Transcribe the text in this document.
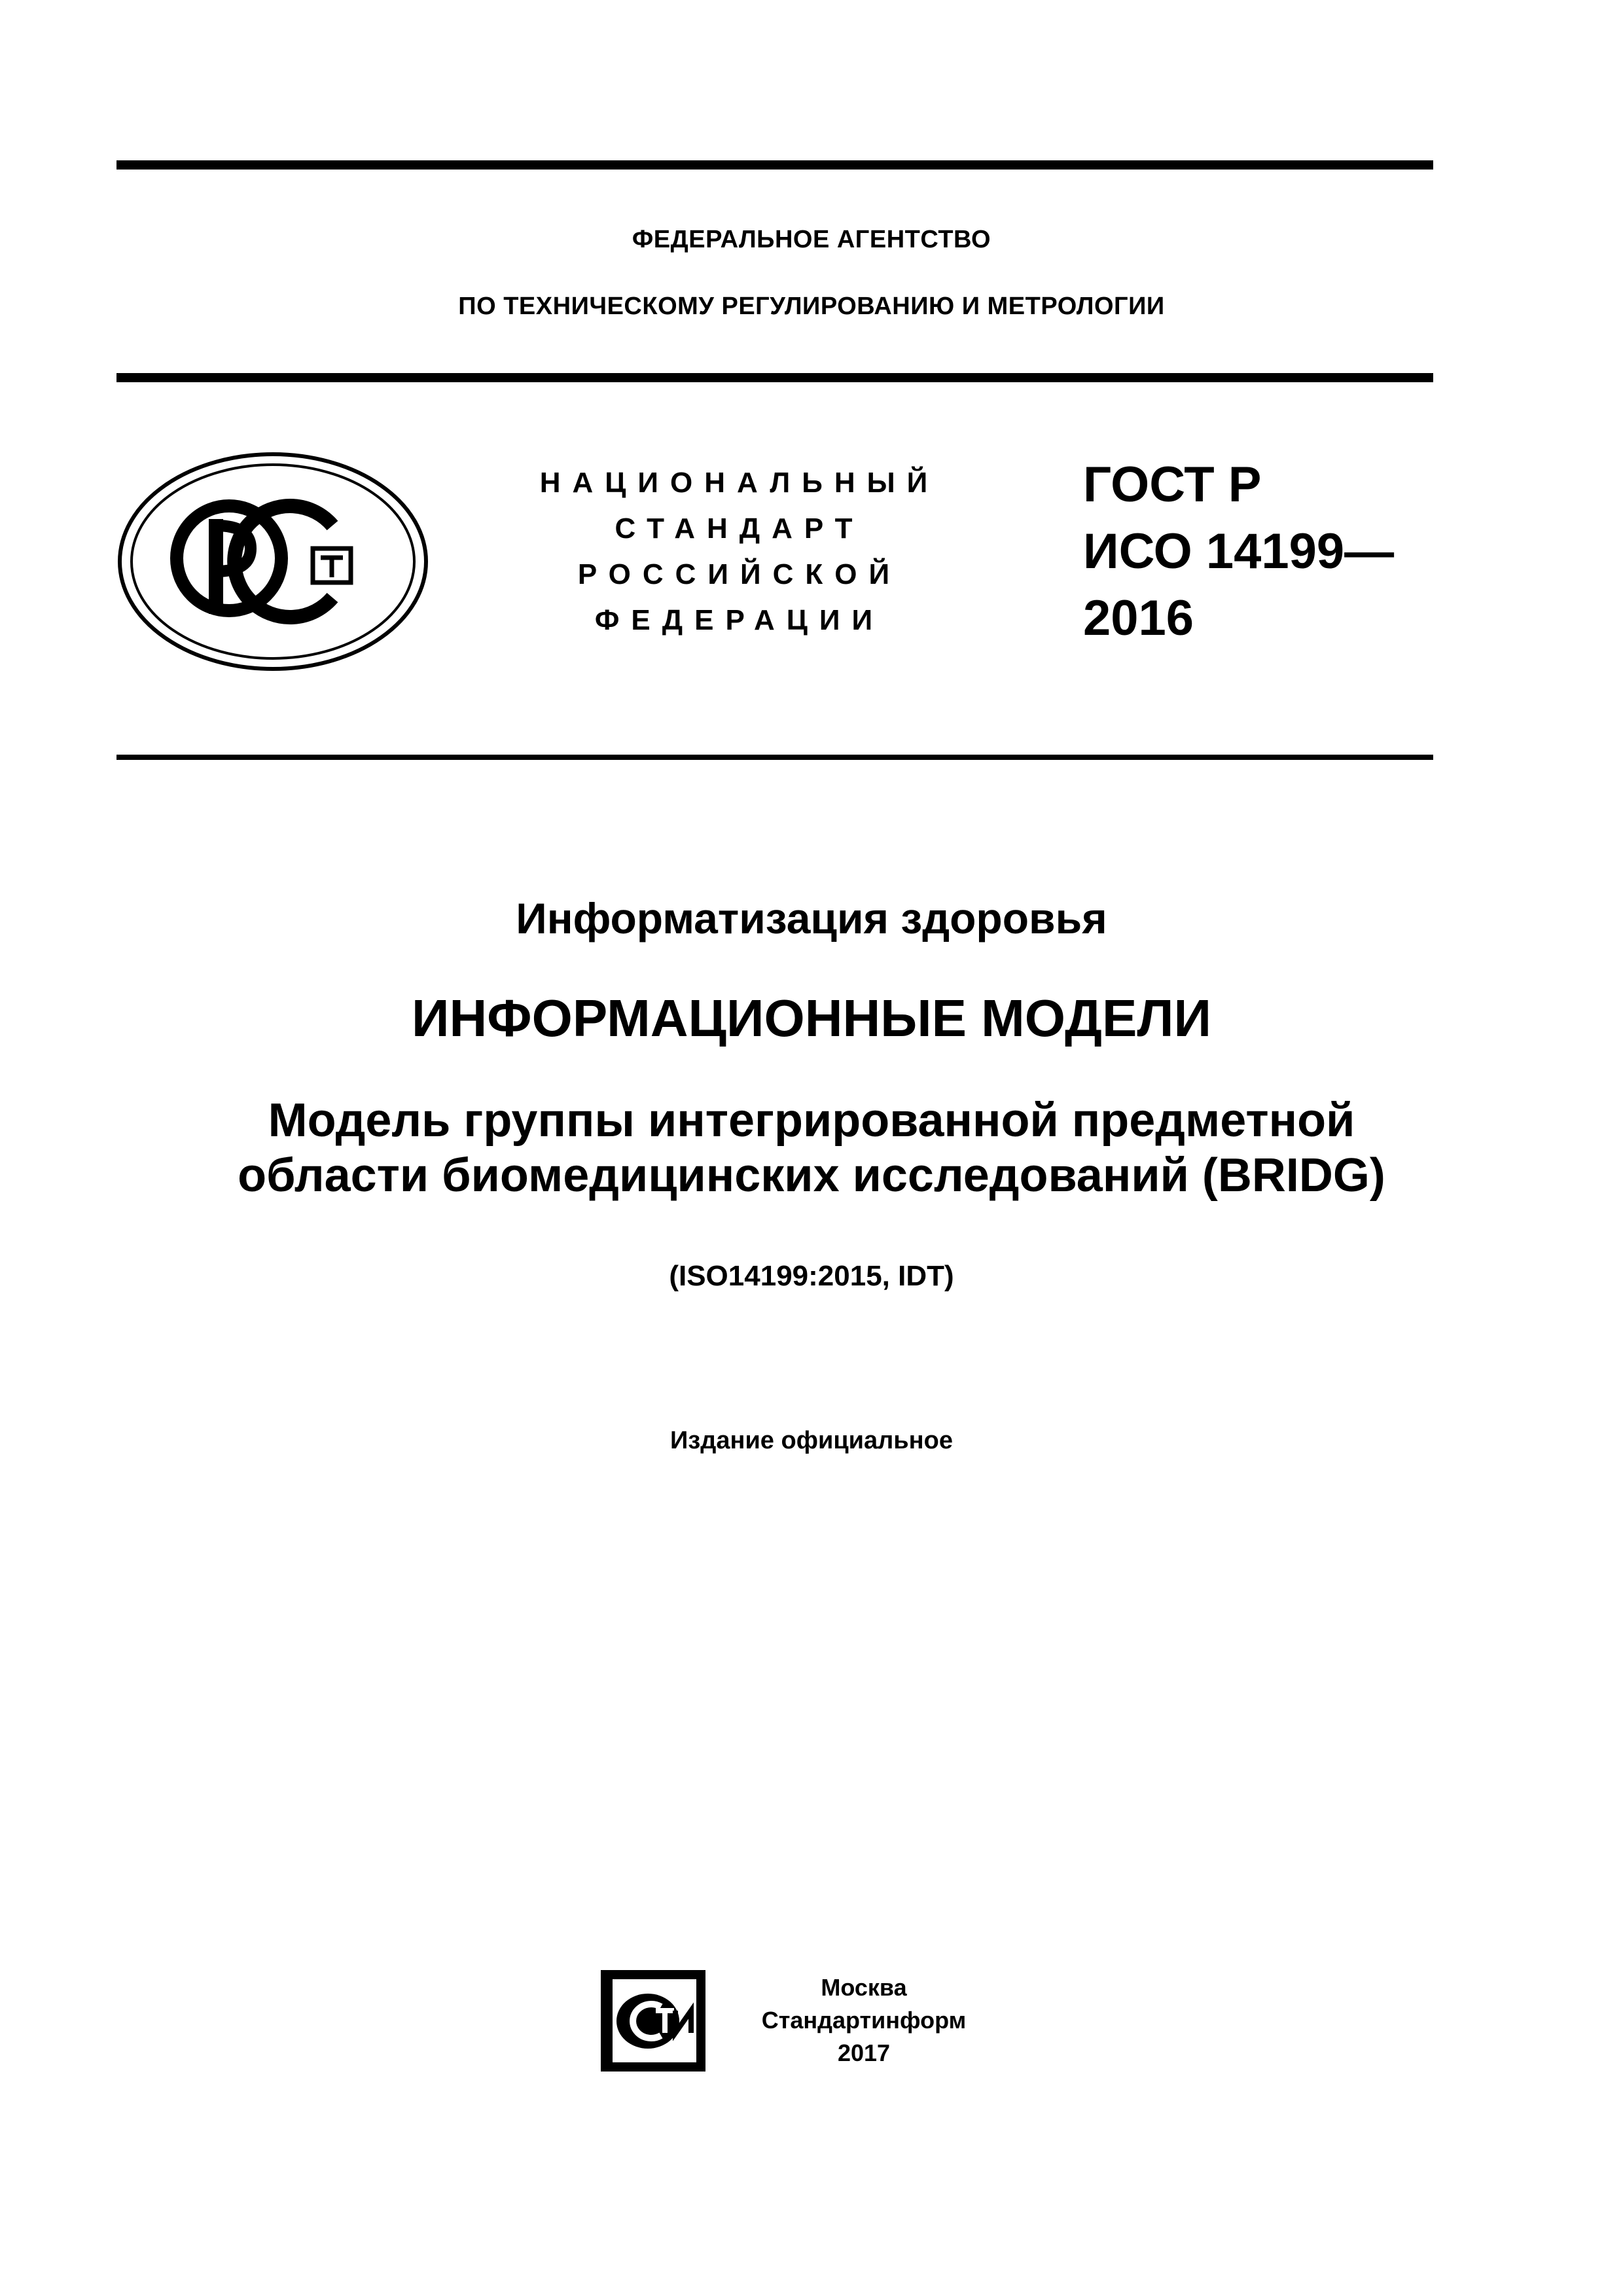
ФЕДЕРАЛЬНОЕ АГЕНТСТВО
ПО ТЕХНИЧЕСКОМУ РЕГУЛИРОВАНИЮ И МЕТРОЛОГИИ
НАЦИОНАЛЬНЫЙ
СТАНДАРТ
РОССИЙСКОЙ
ФЕДЕРАЦИИ
ГОСТ Р
ИСО 14199—
2016
Информатизация здоровья
ИНФОРМАЦИОННЫЕ МОДЕЛИ
Модель группы интегрированной предметной
области биомедицинских исследований (BRIDG)
(ISO14199:2015, IDT)
Издание официальное
Москва
Стандартинформ
2017
